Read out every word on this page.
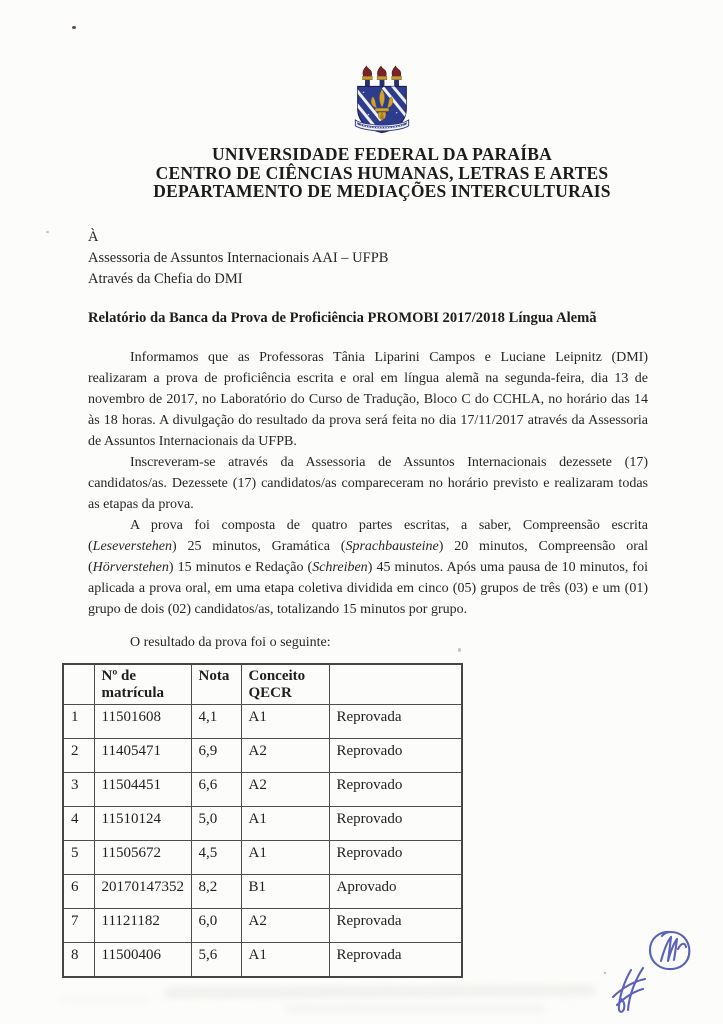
UNIVERSIDADE FEDERAL DA PARAÍBA
CENTRO DE CIÊNCIAS HUMANAS, LETRAS E ARTES
DEPARTAMENTO DE MEDIAÇÕES INTERCULTURAIS
À
Assessoria de Assuntos Internacionais AAI – UFPB
Através da Chefia do DMI
Relatório da Banca da Prova de Proficiência PROMOBI 2017/2018 Língua Alemã

Informamos que as Professoras Tânia Liparini Campos e Luciane Leipnitz (DMI) realizaram a prova de proficiência escrita e oral em língua alemã na segunda-feira, dia 13 de novembro de 2017, no Laboratório do Curso de Tradução, Bloco C do CCHLA, no horário das 14 às 18 horas. A divulgação do resultado da prova será feita no dia 17/11/2017 através da Assessoria de Assuntos Internacionais da UFPB.

Inscreveram-se através da Assessoria de Assuntos Internacionais dezessete (17) candidatos/as. Dezessete (17) candidatos/as compareceram no horário previsto e realizaram todas as etapas da prova.

A prova foi composta de quatro partes escritas, a saber, Compreensão escrita (Leseverstehen) 25 minutos, Gramática (Sprachbausteine) 20 minutos, Compreensão oral (Hörverstehen) 15 minutos e Redação (Schreiben) 45 minutos. Após uma pausa de 10 minutos, foi aplicada a prova oral, em uma etapa coletiva dividida em cinco (05) grupos de três (03) e um (01) grupo de dois (02) candidatos/as, totalizando 15 minutos por grupo.

O resultado da prova foi o seguinte:

	Nº de matrícula	Nota	Conceito QECR	
1	11501608	4,1	A1	Reprovada
2	11405471	6,9	A2	Reprovado
3	11504451	6,6	A2	Reprovado
4	11510124	5,0	A1	Reprovado
5	11505672	4,5	A1	Reprovado
6	20170147352	8,2	B1	Aprovado
7	11121182	6,0	A2	Reprovada
8	11500406	5,6	A1	Reprovada
